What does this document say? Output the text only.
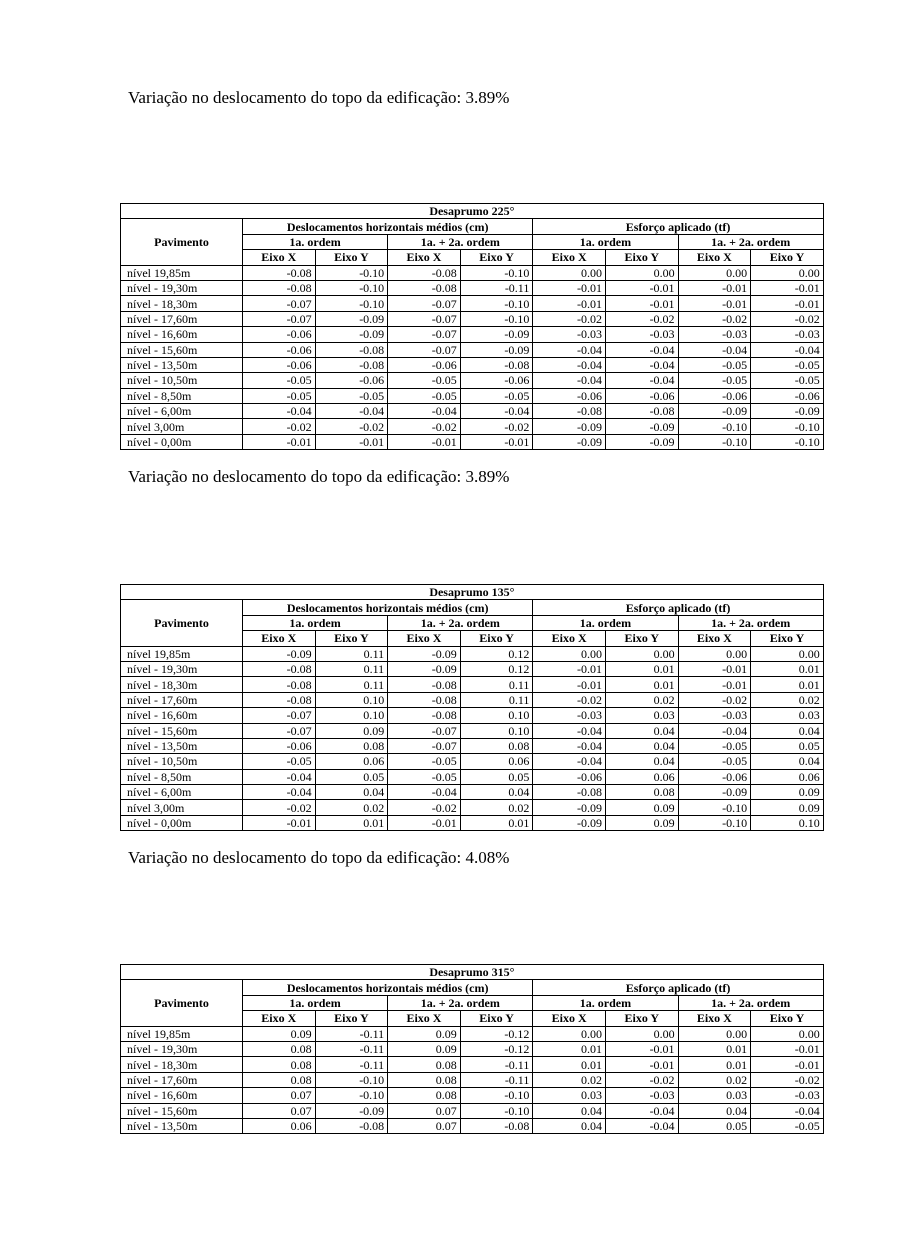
Variação no deslocamento do topo da edificação: 3.89%
Desaprumo 225°								
Pavimento	Deslocamentos horizontais médios (cm)				Esforço aplicado (tf)			
	1a. ordem		1a. + 2a. ordem		1a. ordem		1a. + 2a. ordem	
	Eixo X	Eixo Y	Eixo X	Eixo Y	Eixo X	Eixo Y	Eixo X	Eixo Y
nível 19,85m	-0.08	-0.10	-0.08	-0.10	0.00	0.00	0.00	0.00
nível - 19,30m	-0.08	-0.10	-0.08	-0.11	-0.01	-0.01	-0.01	-0.01
nível - 18,30m	-0.07	-0.10	-0.07	-0.10	-0.01	-0.01	-0.01	-0.01
nível - 17,60m	-0.07	-0.09	-0.07	-0.10	-0.02	-0.02	-0.02	-0.02
nível - 16,60m	-0.06	-0.09	-0.07	-0.09	-0.03	-0.03	-0.03	-0.03
nível - 15,60m	-0.06	-0.08	-0.07	-0.09	-0.04	-0.04	-0.04	-0.04
nível - 13,50m	-0.06	-0.08	-0.06	-0.08	-0.04	-0.04	-0.05	-0.05
nível - 10,50m	-0.05	-0.06	-0.05	-0.06	-0.04	-0.04	-0.05	-0.05
nível - 8,50m	-0.05	-0.05	-0.05	-0.05	-0.06	-0.06	-0.06	-0.06
nível - 6,00m	-0.04	-0.04	-0.04	-0.04	-0.08	-0.08	-0.09	-0.09
nível 3,00m	-0.02	-0.02	-0.02	-0.02	-0.09	-0.09	-0.10	-0.10
nível - 0,00m	-0.01	-0.01	-0.01	-0.01	-0.09	-0.09	-0.10	-0.10
Variação no deslocamento do topo da edificação: 3.89%
Desaprumo 135°								
Pavimento	Deslocamentos horizontais médios (cm)				Esforço aplicado (tf)			
	1a. ordem		1a. + 2a. ordem		1a. ordem		1a. + 2a. ordem	
	Eixo X	Eixo Y	Eixo X	Eixo Y	Eixo X	Eixo Y	Eixo X	Eixo Y
nível 19,85m	-0.09	0.11	-0.09	0.12	0.00	0.00	0.00	0.00
nível - 19,30m	-0.08	0.11	-0.09	0.12	-0.01	0.01	-0.01	0.01
nível - 18,30m	-0.08	0.11	-0.08	0.11	-0.01	0.01	-0.01	0.01
nível - 17,60m	-0.08	0.10	-0.08	0.11	-0.02	0.02	-0.02	0.02
nível - 16,60m	-0.07	0.10	-0.08	0.10	-0.03	0.03	-0.03	0.03
nível - 15,60m	-0.07	0.09	-0.07	0.10	-0.04	0.04	-0.04	0.04
nível - 13,50m	-0.06	0.08	-0.07	0.08	-0.04	0.04	-0.05	0.05
nível - 10,50m	-0.05	0.06	-0.05	0.06	-0.04	0.04	-0.05	0.04
nível - 8,50m	-0.04	0.05	-0.05	0.05	-0.06	0.06	-0.06	0.06
nível - 6,00m	-0.04	0.04	-0.04	0.04	-0.08	0.08	-0.09	0.09
nível 3,00m	-0.02	0.02	-0.02	0.02	-0.09	0.09	-0.10	0.09
nível - 0,00m	-0.01	0.01	-0.01	0.01	-0.09	0.09	-0.10	0.10
Variação no deslocamento do topo da edificação: 4.08%
Desaprumo 315°								
Pavimento	Deslocamentos horizontais médios (cm)				Esforço aplicado (tf)			
	1a. ordem		1a. + 2a. ordem		1a. ordem		1a. + 2a. ordem	
	Eixo X	Eixo Y	Eixo X	Eixo Y	Eixo X	Eixo Y	Eixo X	Eixo Y
nível 19,85m	0.09	-0.11	0.09	-0.12	0.00	0.00	0.00	0.00
nível - 19,30m	0.08	-0.11	0.09	-0.12	0.01	-0.01	0.01	-0.01
nível - 18,30m	0.08	-0.11	0.08	-0.11	0.01	-0.01	0.01	-0.01
nível - 17,60m	0.08	-0.10	0.08	-0.11	0.02	-0.02	0.02	-0.02
nível - 16,60m	0.07	-0.10	0.08	-0.10	0.03	-0.03	0.03	-0.03
nível - 15,60m	0.07	-0.09	0.07	-0.10	0.04	-0.04	0.04	-0.04
nível - 13,50m	0.06	-0.08	0.07	-0.08	0.04	-0.04	0.05	-0.05
